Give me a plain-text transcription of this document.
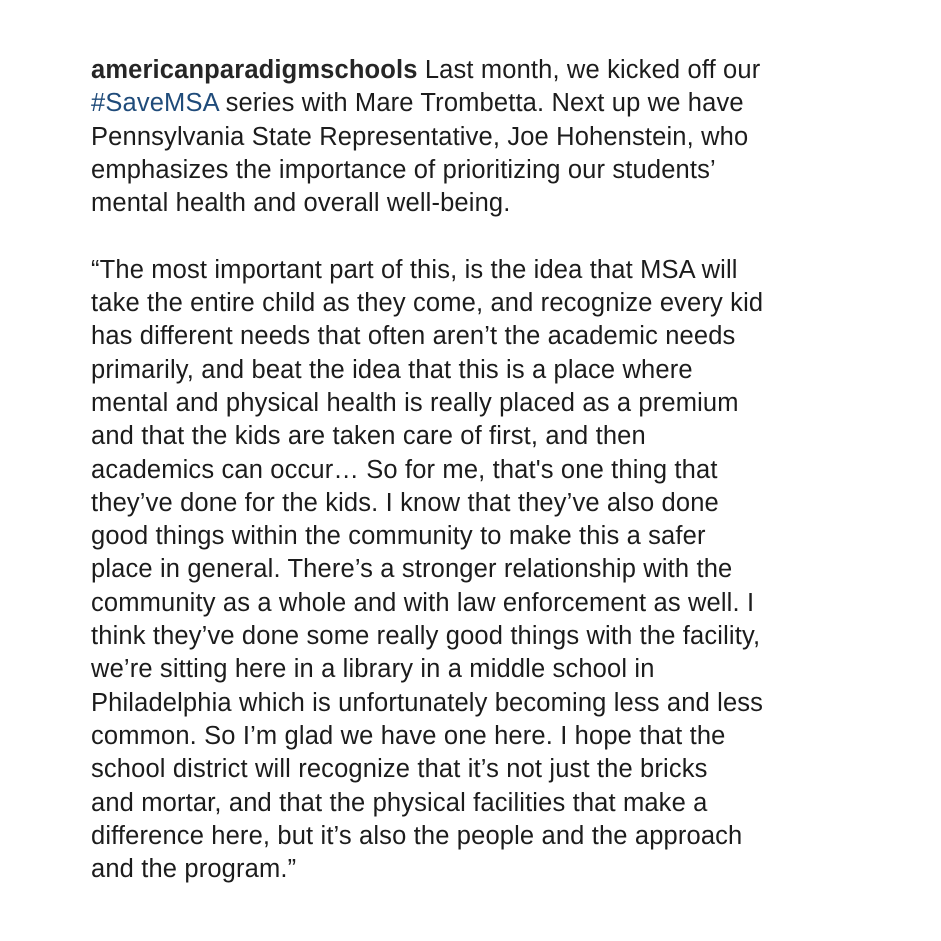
americanparadigmschools Last month, we kicked off our
#SaveMSA series with Mare Trombetta. Next up we have
Pennsylvania State Representative, Joe Hohenstein, who
emphasizes the importance of prioritizing our students’
mental health and overall well-being.
“The most important part of this, is the idea that MSA will
take the entire child as they come, and recognize every kid
has different needs that often aren’t the academic needs
primarily, and beat the idea that this is a place where
mental and physical health is really placed as a premium
and that the kids are taken care of first, and then
academics can occur… So for me, that's one thing that
they’ve done for the kids. I know that they’ve also done
good things within the community to make this a safer
place in general. There’s a stronger relationship with the
community as a whole and with law enforcement as well. I
think they’ve done some really good things with the facility,
we’re sitting here in a library in a middle school in
Philadelphia which is unfortunately becoming less and less
common. So I’m glad we have one here. I hope that the
school district will recognize that it’s not just the bricks
and mortar, and that the physical facilities that make a
difference here, but it’s also the people and the approach
and the program.”
